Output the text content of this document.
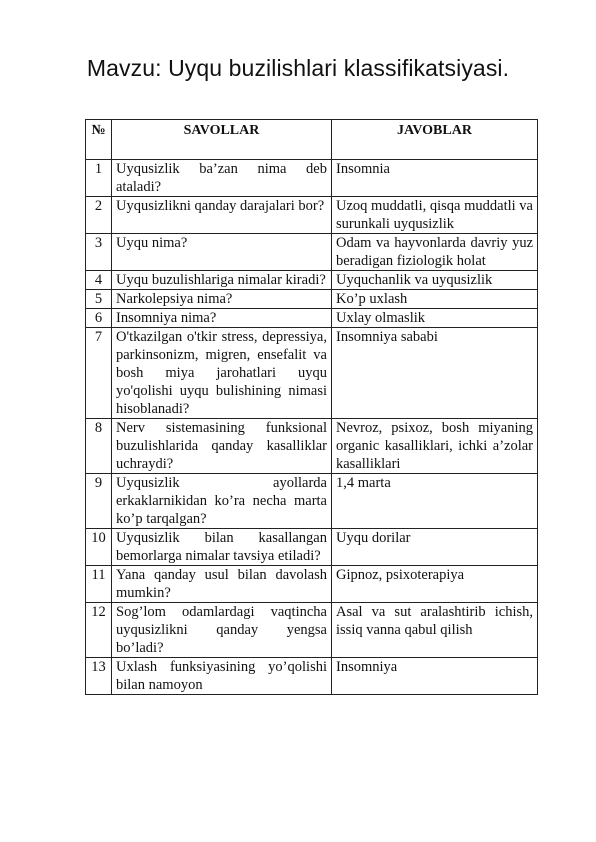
Mavzu: Uyqu buzilishlari klassifikatsiyasi.
№	SAVOLLAR	JAVOBLAR
1	Uyqusizlik ba’zan nima deb ataladi?	Insomnia
2	Uyqusizlikni qanday darajalari bor?	Uzoq muddatli, qisqa muddatli va surunkali uyqusizlik
3	Uyqu nima?	Odam va hayvonlarda davriy yuz beradigan fiziologik holat
4	Uyqu buzulishlariga nimalar kiradi?	Uyquchanlik va uyqusizlik
5	Narkolepsiya nima?	Ko’p uxlash
6	Insomniya nima?	Uxlay olmaslik
7	O'tkazilgan o'tkir stress, depressiya, parkinsonizm, migren, ensefalit va bosh miya jarohatlari uyqu yo'qolishi uyqu bulishining nimasi hisoblanadi?	Insomniya sababi
8	Nerv sistemasining funksional buzulishlarida qanday kasalliklar uchraydi?	Nevroz, psixoz, bosh miyaning organic kasalliklari, ichki a’zolar kasalliklari
9	Uyqusizlik ayollarda erkaklarnikidan ko’ra necha marta ko’p tarqalgan?	1,4 marta
10	Uyqusizlik bilan kasallangan bemorlarga nimalar tavsiya etiladi?	Uyqu dorilar
11	Yana qanday usul bilan davolash mumkin?	Gipnoz, psixoterapiya
12	Sog’lom odamlardagi vaqtincha uyqusizlikni qanday yengsa bo’ladi?	Asal va sut aralashtirib ichish, issiq vanna qabul qilish
13	Uxlash funksiyasining yo’qolishi bilan namoyon	Insomniya
